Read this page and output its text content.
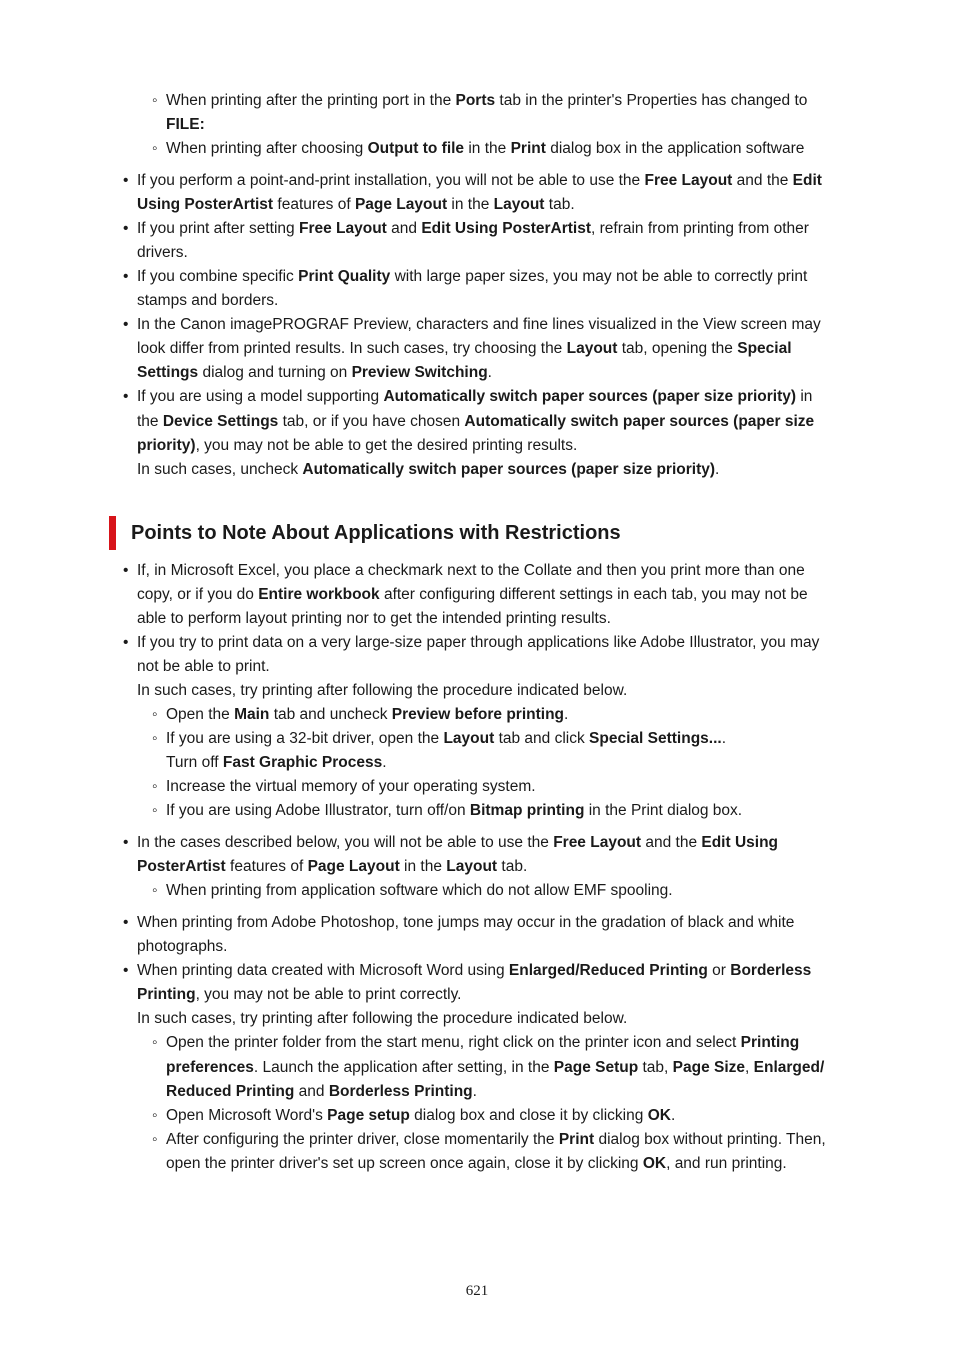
◦ When printing after the printing port in the Ports tab in the printer's Properties has changed to
FILE:
◦ When printing after choosing Output to file in the Print dialog box in the application software
• If you perform a point-and-print installation, you will not be able to use the Free Layout and the Edit
Using PosterArtist features of Page Layout in the Layout tab.
• If you print after setting Free Layout and Edit Using PosterArtist, refrain from printing from other
drivers.
• If you combine specific Print Quality with large paper sizes, you may not be able to correctly print
stamps and borders.
• In the Canon imagePROGRAF Preview, characters and fine lines visualized in the View screen may
look differ from printed results. In such cases, try choosing the Layout tab, opening the Special
Settings dialog and turning on Preview Switching.
• If you are using a model supporting Automatically switch paper sources (paper size priority) in
the Device Settings tab, or if you have chosen Automatically switch paper sources (paper size
priority), you may not be able to get the desired printing results.
In such cases, uncheck Automatically switch paper sources (paper size priority).
Points to Note About Applications with Restrictions
• If, in Microsoft Excel, you place a checkmark next to the Collate and then you print more than one
copy, or if you do Entire workbook after configuring different settings in each tab, you may not be
able to perform layout printing nor to get the intended printing results.
• If you try to print data on a very large-size paper through applications like Adobe Illustrator, you may
not be able to print.
In such cases, try printing after following the procedure indicated below.
◦ Open the Main tab and uncheck Preview before printing.
◦ If you are using a 32-bit driver, open the Layout tab and click Special Settings....
Turn off Fast Graphic Process.
◦ Increase the virtual memory of your operating system.
◦ If you are using Adobe Illustrator, turn off/on Bitmap printing in the Print dialog box.
• In the cases described below, you will not be able to use the Free Layout and the Edit Using
PosterArtist features of Page Layout in the Layout tab.
◦ When printing from application software which do not allow EMF spooling.
• When printing from Adobe Photoshop, tone jumps may occur in the gradation of black and white
photographs.
• When printing data created with Microsoft Word using Enlarged/Reduced Printing or Borderless
Printing, you may not be able to print correctly.
In such cases, try printing after following the procedure indicated below.
◦ Open the printer folder from the start menu, right click on the printer icon and select Printing
preferences. Launch the application after setting, in the Page Setup tab, Page Size, Enlarged/
Reduced Printing and Borderless Printing.
◦ Open Microsoft Word's Page setup dialog box and close it by clicking OK.
◦ After configuring the printer driver, close momentarily the Print dialog box without printing. Then,
open the printer driver's set up screen once again, close it by clicking OK, and run printing.
621
